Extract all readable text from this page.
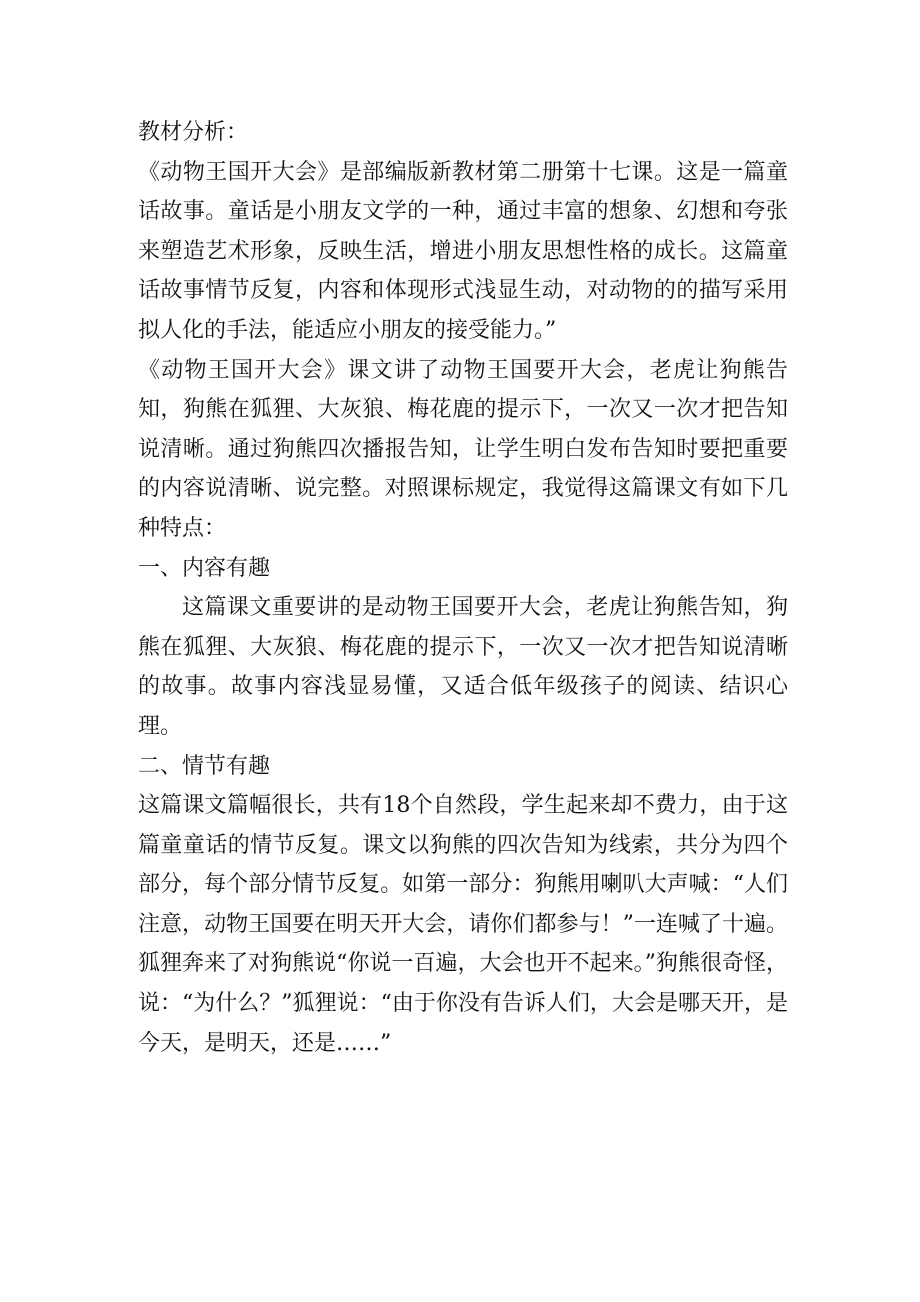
教材分析：

《动物王国开大会》是部编版新教材第二册第十七课。这是一篇童话故事。童话是小朋友文学的一种，通过丰富的想象、幻想和夸张来塑造艺术形象，反映生活，增进小朋友思想性格的成长。这篇童话故事情节反复，内容和体现形式浅显生动，对动物的的描写采用拟人化的手法，能适应小朋友的接受能力。”

《动物王国开大会》课文讲了动物王国要开大会，老虎让狗熊告知，狗熊在狐狸、大灰狼、梅花鹿的提示下，一次又一次才把告知说清晰。通过狗熊四次播报告知，让学生明白发布告知时要把重要的内容说清晰、说完整。对照课标规定，我觉得这篇课文有如下几种特点：

一、内容有趣

这篇课文重要讲的是动物王国要开大会，老虎让狗熊告知，狗熊在狐狸、大灰狼、梅花鹿的提示下，一次又一次才把告知说清晰的故事。故事内容浅显易懂，又适合低年级孩子的阅读、结识心理。

二、情节有趣

这篇课文篇幅很长，共有18个自然段，学生起来却不费力，由于这篇童童话的情节反复。课文以狗熊的四次告知为线索，共分为四个部分，每个部分情节反复。如第一部分：狗熊用喇叭大声喊：“人们注意，动物王国要在明天开大会，请你们都参与！”一连喊了十遍。狐狸奔来了对狗熊说“你说一百遍，大会也开不起来。”狗熊很奇怪，说：“为什么？”狐狸说：“由于你没有告诉人们，大会是哪天开，是今天，是明天，还是……”
